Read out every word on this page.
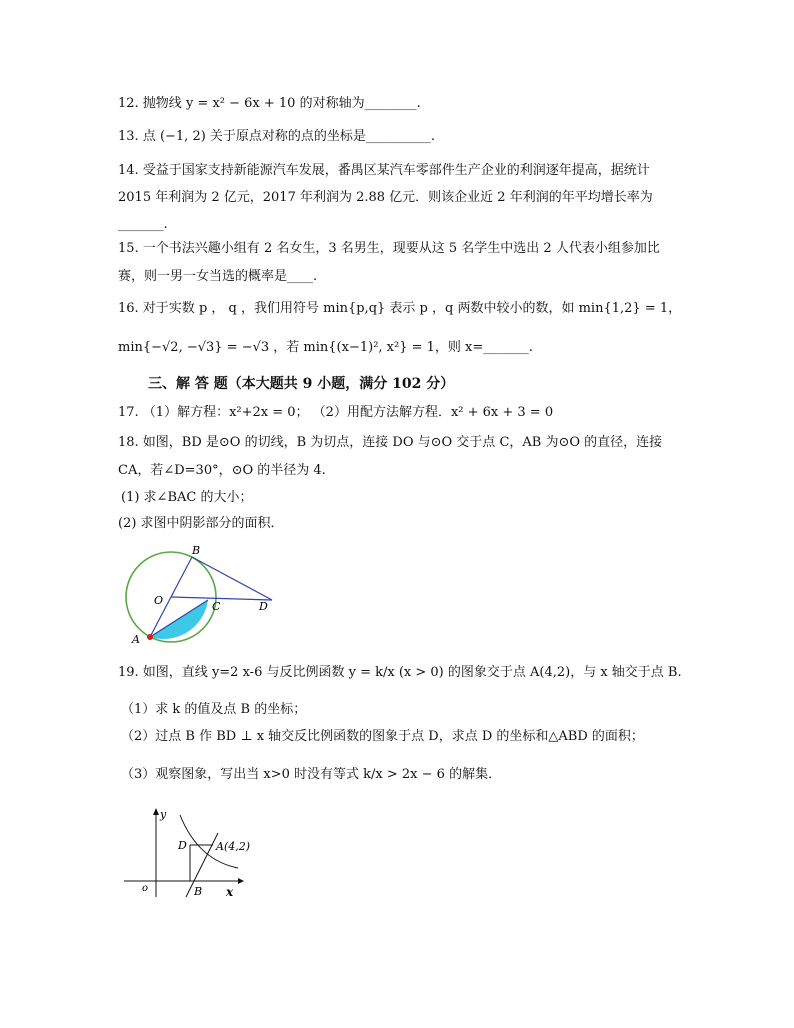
12. 抛物线 y = x² − 6x + 10 的对称轴为________.
13. 点 (−1, 2) 关于原点对称的点的坐标是__________.
14. 受益于国家支持新能源汽车发展，番禺区某汽车零部件生产企业的利润逐年提高，据统计
2015 年利润为 2 亿元，2017 年利润为 2.88 亿元．则该企业近 2 年利润的年平均增长率为
_______.
15. 一个书法兴趣小组有 2 名女生，3 名男生，现要从这 5 名学生中选出 2 人代表小组参加比
赛，则一男一女当选的概率是____.
16. 对于实数 p ， q ，我们用符号 min{p,q} 表示 p ，q 两数中较小的数，如 min{1,2} = 1，
min{−√2, −√3} = −√3 ，若 min{(x−1)², x²} = 1，则 x=_______.
三、解 答 题（本大题共 9 小题，满分 102 分）
17. （1）解方程：x²+2x = 0； （2）用配方法解方程．x² + 6x + 3 = 0
18. 如图，BD 是⊙O 的切线，B 为切点，连接 DO 与⊙O 交于点 C，AB 为⊙O 的直径，连接
CA，若∠D=30°，⊙O 的半径为 4.
(1) 求∠BAC 的大小；
(2) 求图中阴影部分的面积．
B
O	C	D
A
19. 如图，直线 y=2 x-6 与反比例函数 y = k/x (x > 0) 的图象交于点 A(4,2)，与 x 轴交于点 B.
（1）求 k 的值及点 B 的坐标；
（2）过点 B 作 BD ⊥ x 轴交反比例函数的图象于点 D，求点 D 的坐标和△ABD 的面积；
（3）观察图象，写出当 x>0 时没有等式 k/x > 2x − 6 的解集．
y
D	A(4,2)
o	B x
